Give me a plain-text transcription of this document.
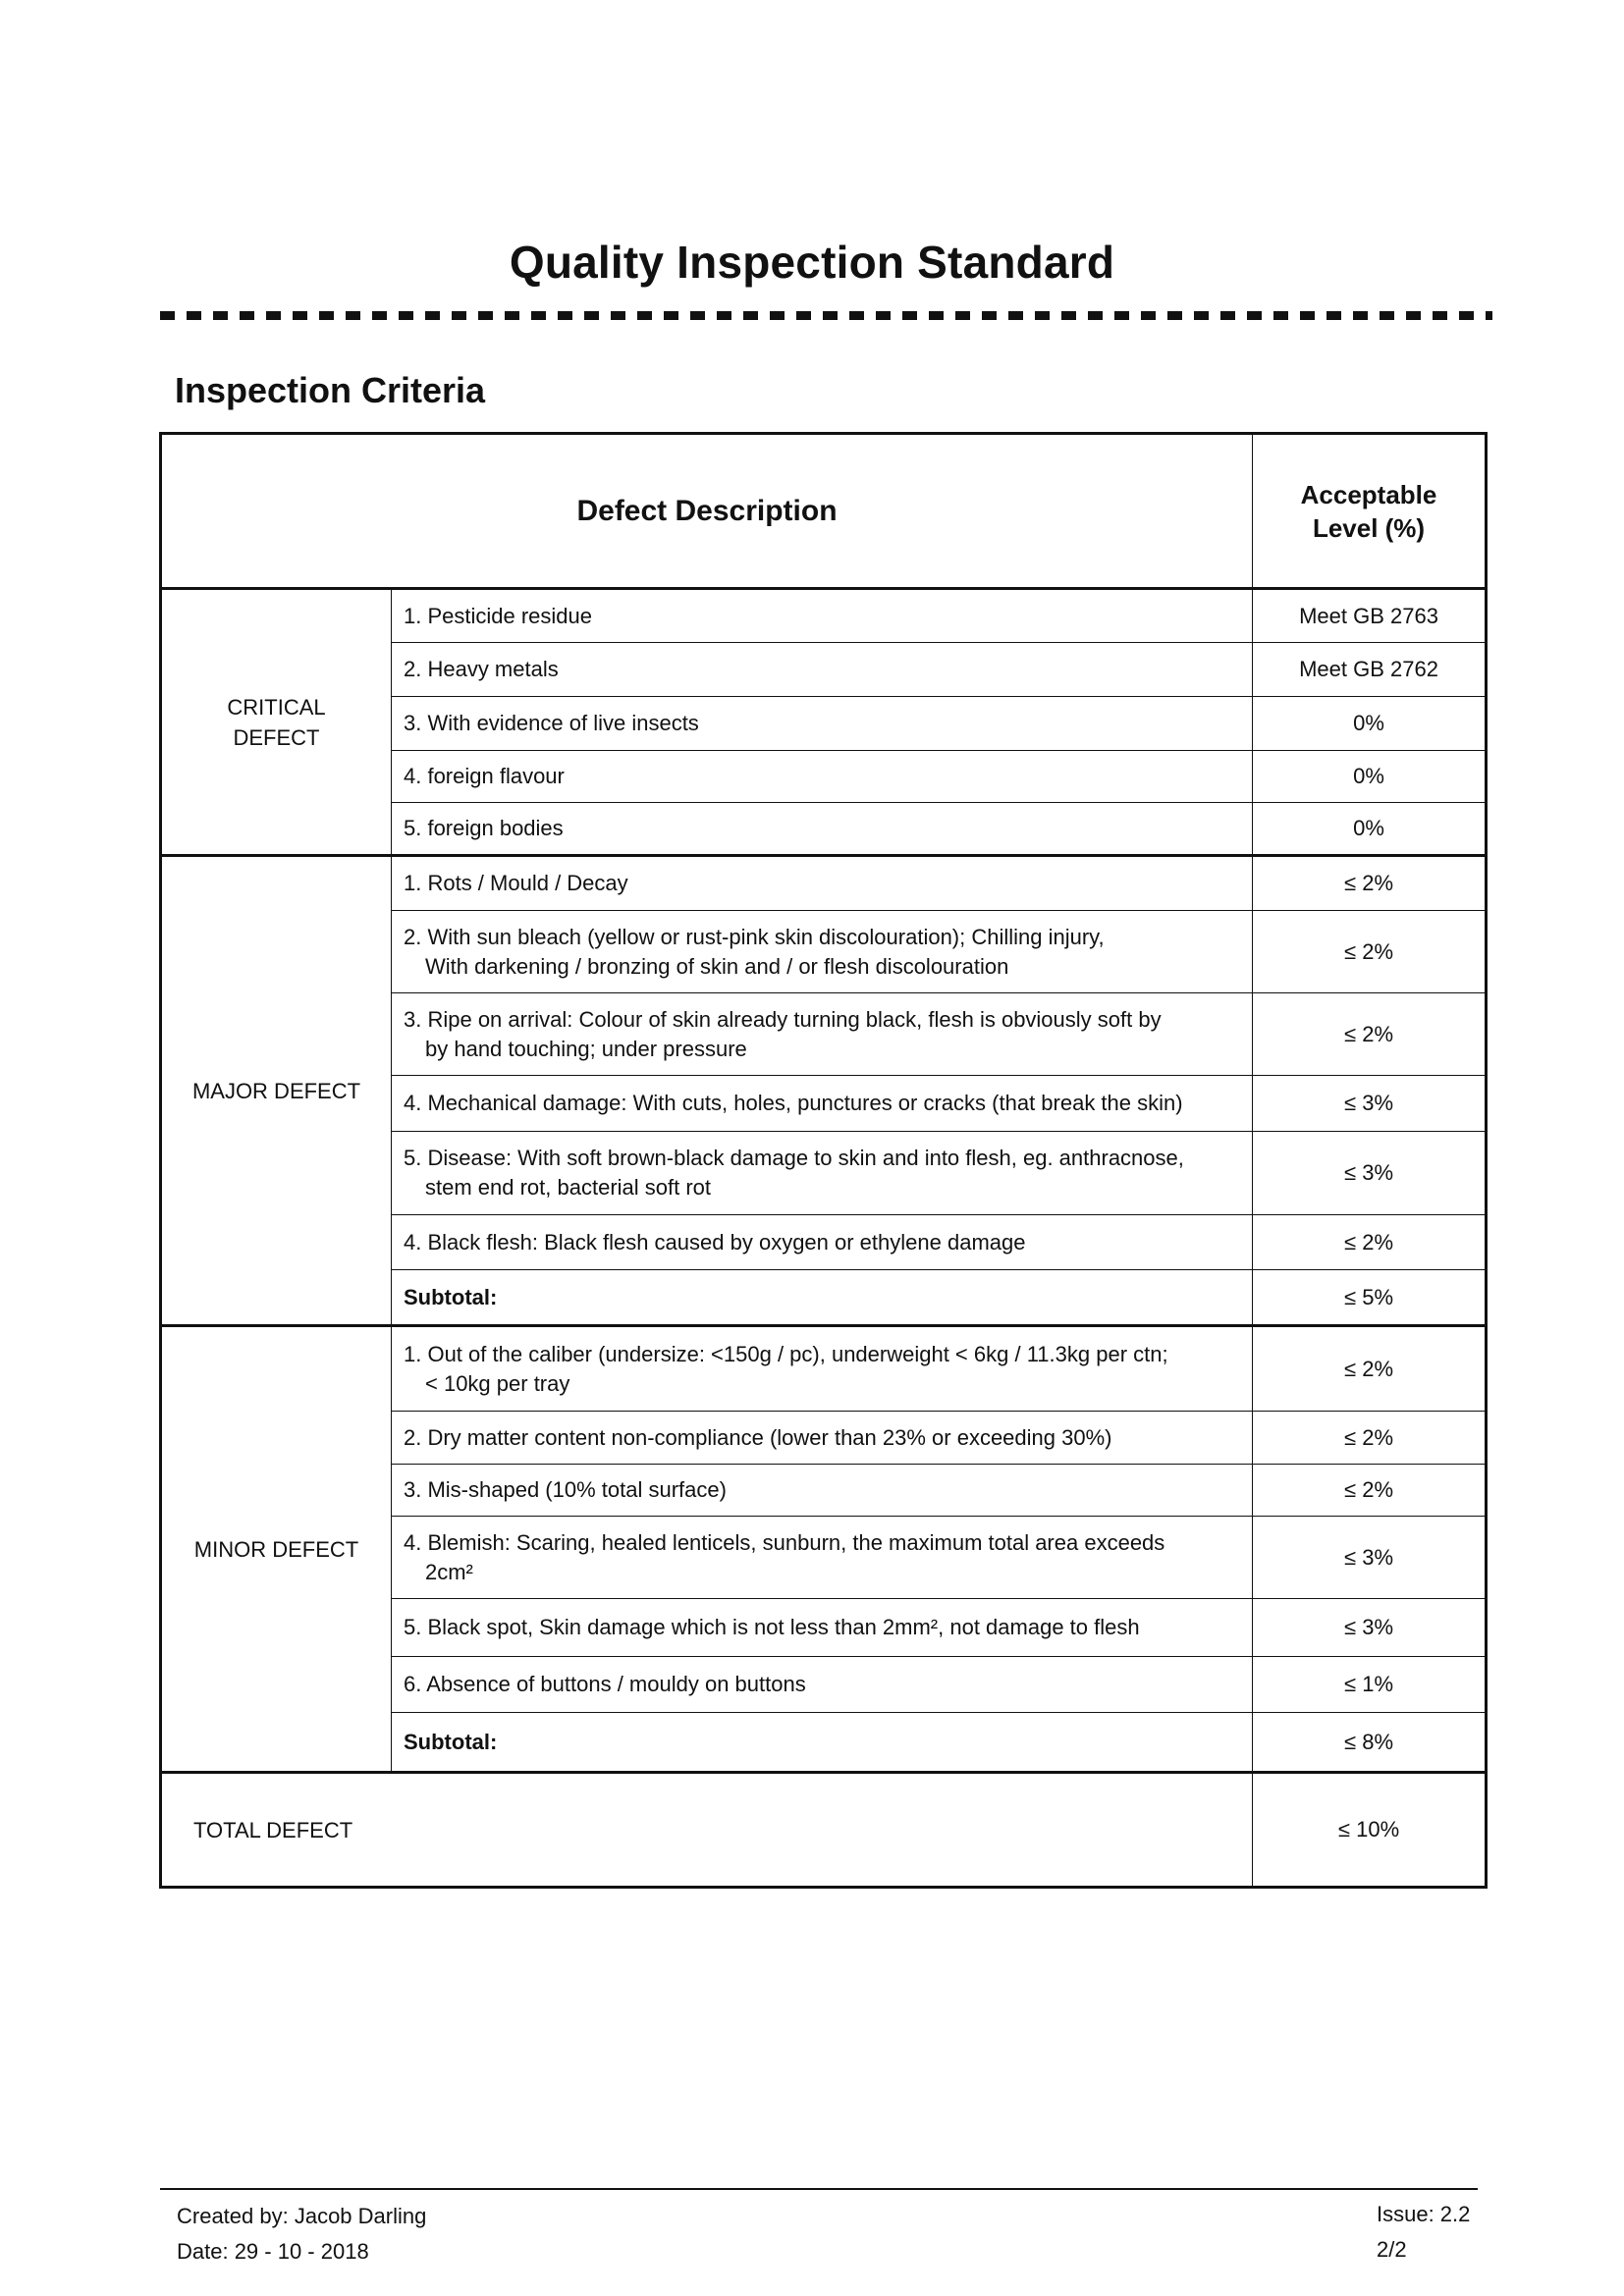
Quality Inspection Standard
Inspection Criteria
Defect Description		Acceptable
Level (%)
CRITICAL
DEFECT	1. Pesticide residue	Meet GB 2763
	2. Heavy metals	Meet GB 2762
	3. With evidence of live insects	0%
	4. foreign flavour	0%
	5. foreign bodies	0%
MAJOR DEFECT	1. Rots / Mould / Decay	≤ 2%
	2. With sun bleach (yellow or rust-pink skin discolouration); Chilling injury,
With darkening / bronzing of skin and / or flesh discolouration	≤ 2%
	3. Ripe on arrival: Colour of skin already turning black, flesh is obviously soft by
by hand touching; under pressure	≤ 2%
	4. Mechanical damage: With cuts, holes, punctures or cracks (that break the skin)	≤ 3%
	5. Disease: With soft brown-black damage to skin and into flesh, eg. anthracnose,
stem end rot, bacterial soft rot	≤ 3%
	4. Black flesh: Black flesh caused by oxygen or ethylene damage	≤ 2%
	Subtotal:	≤ 5%
MINOR DEFECT	1. Out of the caliber (undersize: <150g / pc), underweight < 6kg / 11.3kg per ctn;
< 10kg per tray	≤ 2%
	2. Dry matter content non-compliance (lower than 23% or exceeding 30%)	≤ 2%
	3. Mis-shaped (10% total surface)	≤ 2%
	4. Blemish: Scaring, healed lenticels, sunburn, the maximum total area exceeds
2cm²	≤ 3%
	5. Black spot, Skin damage which is not less than 2mm², not damage to flesh	≤ 3%
	6. Absence of buttons / mouldy on buttons	≤ 1%
	Subtotal:	≤ 8%
TOTAL DEFECT		≤ 10%
Created by: Jacob Darling
Date: 29 - 10 - 2018
Issue: 2.2
2/2
